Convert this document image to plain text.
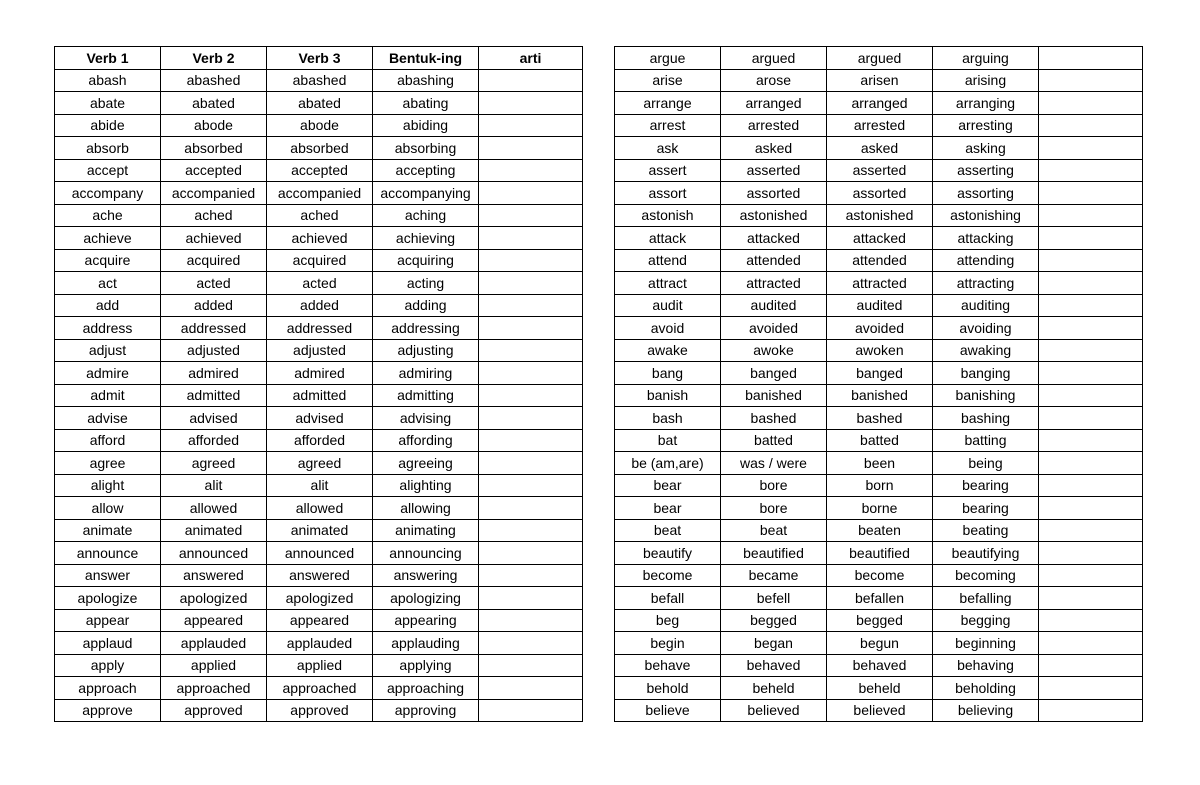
Verb 1	Verb 2	Verb 3	Bentuk-ing	arti
abash	abashed	abashed	abashing	
abate	abated	abated	abating	
abide	abode	abode	abiding	
absorb	absorbed	absorbed	absorbing	
accept	accepted	accepted	accepting	
accompany	accompanied	accompanied	accompanying	
ache	ached	ached	aching	
achieve	achieved	achieved	achieving	
acquire	acquired	acquired	acquiring	
act	acted	acted	acting	
add	added	added	adding	
address	addressed	addressed	addressing	
adjust	adjusted	adjusted	adjusting	
admire	admired	admired	admiring	
admit	admitted	admitted	admitting	
advise	advised	advised	advising	
afford	afforded	afforded	affording	
agree	agreed	agreed	agreeing	
alight	alit	alit	alighting	
allow	allowed	allowed	allowing	
animate	animated	animated	animating	
announce	announced	announced	announcing	
answer	answered	answered	answering	
apologize	apologized	apologized	apologizing	
appear	appeared	appeared	appearing	
applaud	applauded	applauded	applauding	
apply	applied	applied	applying	
approach	approached	approached	approaching	
approve	approved	approved	approving	
argue	argued	argued	arguing	
arise	arose	arisen	arising	
arrange	arranged	arranged	arranging	
arrest	arrested	arrested	arresting	
ask	asked	asked	asking	
assert	asserted	asserted	asserting	
assort	assorted	assorted	assorting	
astonish	astonished	astonished	astonishing	
attack	attacked	attacked	attacking	
attend	attended	attended	attending	
attract	attracted	attracted	attracting	
audit	audited	audited	auditing	
avoid	avoided	avoided	avoiding	
awake	awoke	awoken	awaking	
bang	banged	banged	banging	
banish	banished	banished	banishing	
bash	bashed	bashed	bashing	
bat	batted	batted	batting	
be (am,are)	was / were	been	being	
bear	bore	born	bearing	
bear	bore	borne	bearing	
beat	beat	beaten	beating	
beautify	beautified	beautified	beautifying	
become	became	become	becoming	
befall	befell	befallen	befalling	
beg	begged	begged	begging	
begin	began	begun	beginning	
behave	behaved	behaved	behaving	
behold	beheld	beheld	beholding	
believe	believed	believed	believing	
